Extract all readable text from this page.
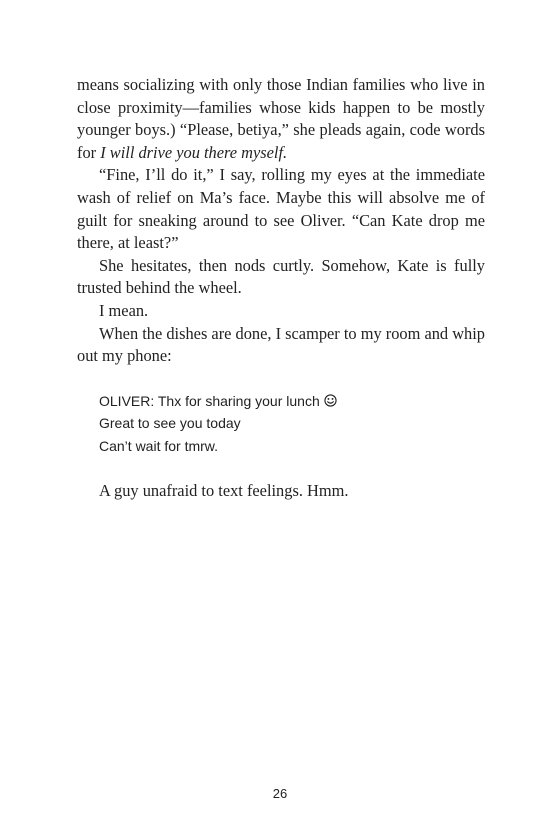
means socializing with only those Indian families who live in close proximity—families whose kids happen to be mostly younger boys.) “Please, betiya,” she pleads again, code words for I will drive you there myself.

“Fine, I’ll do it,” I say, rolling my eyes at the immediate wash of relief on Ma’s face. Maybe this will absolve me of guilt for sneaking around to see Oliver. “Can Kate drop me there, at least?”

She hesitates, then nods curtly. Somehow, Kate is fully trusted behind the wheel.

I mean.

When the dishes are done, I scamper to my room and whip out my phone:

OLIVER: Thx for sharing your lunch
Great to see you today
Can’t wait for tmrw.

A guy unafraid to text feelings. Hmm.

26
